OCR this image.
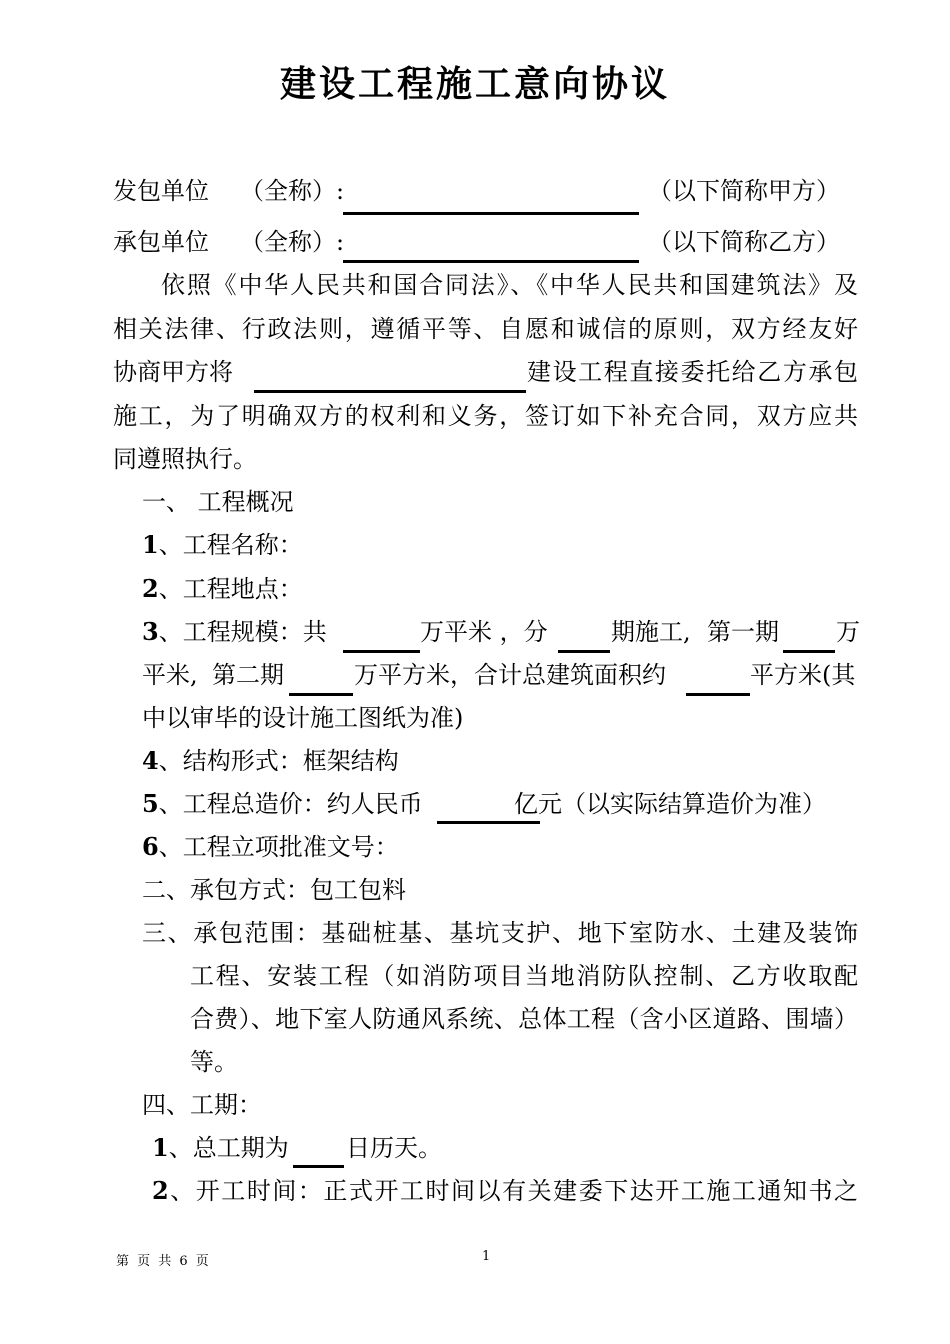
建设工程施工意向协议
发包单位 （全称）:	（以下简称甲方）
承包单位 （全称）:	（以下简称乙方）
依照《中华人民共和国合同法》、《中华人民共和国建筑法》及
相关法律、行政法则，遵循平等、自愿和诚信的原则，双方经友好
协商甲方将	建设工程直接委托给乙方承包
施工，为了明确双方的权利和义务，签订如下补充合同，双方应共
同遵照执行。
一、 工程概况
1、工程名称：
2、工程地点：
3、工程规模：共	万平米 ，分	期施工, 第一期 万
平米, 第二期	万平方米，合计总建筑面积约	平方米(其
中以审毕的设计施工图纸为准)
4、结构形式：框架结构
5、工程总造价：约人民币	亿元（以实际结算造价为准）
6、工程立项批准文号：
二、承包方式：包工包料
三、承包范围：基础桩基、基坑支护、地下室防水、土建及装饰
工程、安装工程（如消防项目当地消防队控制、乙方收取配
合费）、地下室人防通风系统、总体工程（含小区道路、围墙）
等。
四、工期：
1、总工期为 日历天。
2、开工时间：正式开工时间以有关建委下达开工施工通知书之
第 页 共 6 页	1
